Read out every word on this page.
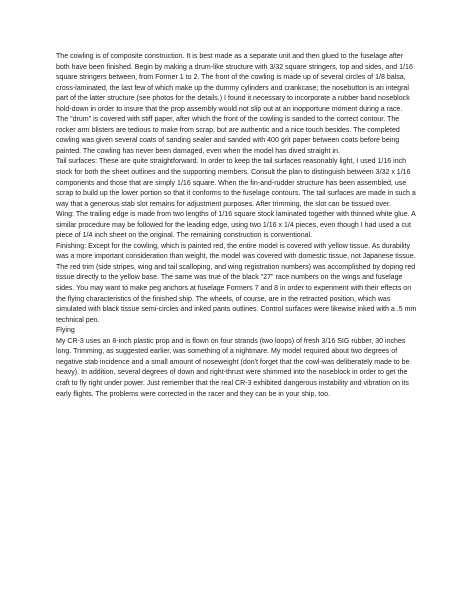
The cowling is of composite construction. It is best made as a separate unit and then glued to the fuselage after both have been finished. Begin by making a drum-like structure with 3/32 square stringers, top and sides, and 1/16 square stringers between, from Former 1 to 2. The front of the cowling is made up of several circles of 1/8 balsa, cross-laminated, the last few of which make up the dummy cylinders and crankcase; the nosebutton is an integral part of the latter structure (see photos for the details.) I found it necessary to incorporate a rubber band noseblock hold-down in order to insure that the prop assembly would not slip out at an inopportune moment during a race.

The "drum" is covered with stiff paper, after which the front of the cowling is sanded to the correct contour. The rocker arm blisters are tedious to make from scrap, but are authentic and a nice touch besides. The completed cowling was given several coats of sanding sealer and sanded with 400 grit paper between coats before being painted. The cowling has never been damaged, even when the model has dived straight in.

Tail surfaces: These are quite straightforward. In order to keep the tail surfaces reasonably light, I used 1/16 inch stock for both the sheet outlines and the supporting members. Consult the plan to distinguish between 3/32 x 1/16 components and those that are simply 1/16 square. When the fin-and-rudder structure has been assembled, use scrap to build up the lower portion so that it conforms to the fuselage contours. The tail surfaces are made in such a way that a generous stab slot remains for adjustment purposes. After trimming, the slot can be tissued over.

Wing: The trailing edge is made from two lengths of 1/16 square stock laminated together with thinned white glue. A similar procedure may be followed for the leading edge, using two 1/16 x 1/4 pieces, even though I had used a cut piece of 1/4 inch sheet on the original. The remaining construction is conventional.

Finishing: Except for the cowling, which is painted red, the entire model is covered with yellow tissue. As durability was a more important consideration than weight, the model was covered with domestic tissue, not Japanese tissue. The red trim (side stripes, wing and tail scalloping, and wing registration numbers) was accomplished by doping red tissue directly to the yellow base. The same was true of the black "27" race numbers on the wings and fuselage sides. You may want to make peg anchors at fuselage Formers 7 and 8 in order to experiment with their effects on the flying characteristics of the finished ship. The wheels, of course, are in the retracted position, which was simulated with black tissue semi-circles and inked pants outlines. Control surfaces were likewise inked with a .5 mm technical pen.

Flying

My CR-3 uses an 8-inch plastic prop and is flown on four strands (two loops) of fresh 3/16 SIG rubber, 30 inches long. Trimming, as suggested earlier, was something of a nightmare. My model required about two degrees of negative stab incidence and a small amount of noseweight (don't forget that the cowl-was deliberately made to be heavy). In addition, several degrees of down and right-thrust were shimmed into the noseblock in order to get the craft to fly right under power. Just remember that the real CR-3 exhibited dangerous instability and vibration on its early flights. The problems were corrected in the racer and they can be in your ship, too.
